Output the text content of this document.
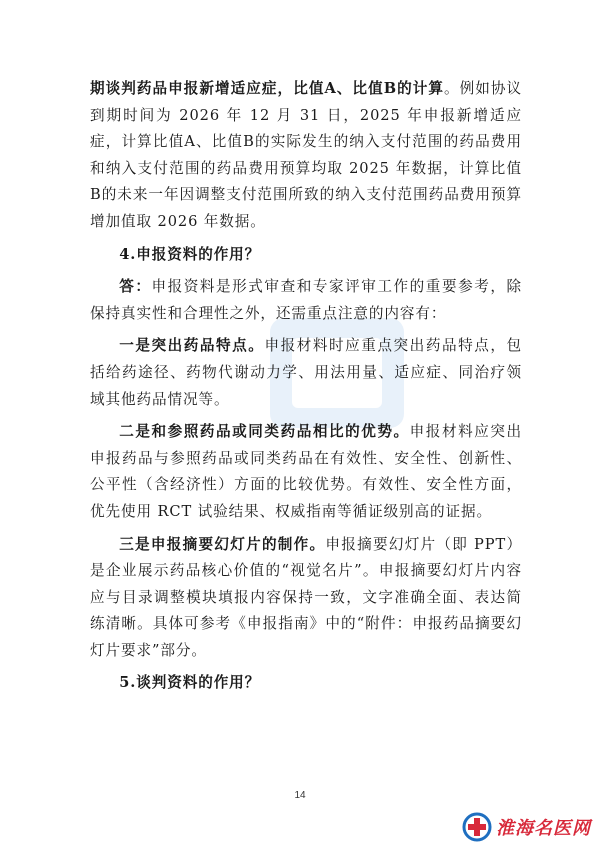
期谈判药品申报新增适应症，比值A、比值B的计算。例如协议到期时间为 2026 年 12 月 31 日，2025 年申报新增适应症，计算比值A、比值B的实际发生的纳入支付范围的药品费用和纳入支付范围的药品费用预算均取 2025 年数据，计算比值B的未来一年因调整支付范围所致的纳入支付范围药品费用预算增加值取 2026 年数据。

4.申报资料的作用？

答：申报资料是形式审查和专家评审工作的重要参考，除保持真实性和合理性之外，还需重点注意的内容有：

一是突出药品特点。申报材料时应重点突出药品特点，包括给药途径、药物代谢动力学、用法用量、适应症、同治疗领域其他药品情况等。

二是和参照药品或同类药品相比的优势。申报材料应突出申报药品与参照药品或同类药品在有效性、安全性、创新性、公平性（含经济性）方面的比较优势。有效性、安全性方面，优先使用 RCT 试验结果、权威指南等循证级别高的证据。

三是申报摘要幻灯片的制作。申报摘要幻灯片（即 PPT）是企业展示药品核心价值的“视觉名片”。申报摘要幻灯片内容应与目录调整模块填报内容保持一致，文字准确全面、表达简练清晰。具体可参考《申报指南》中的“附件：申报药品摘要幻灯片要求”部分。

5.谈判资料的作用？

14
淮海名医网
